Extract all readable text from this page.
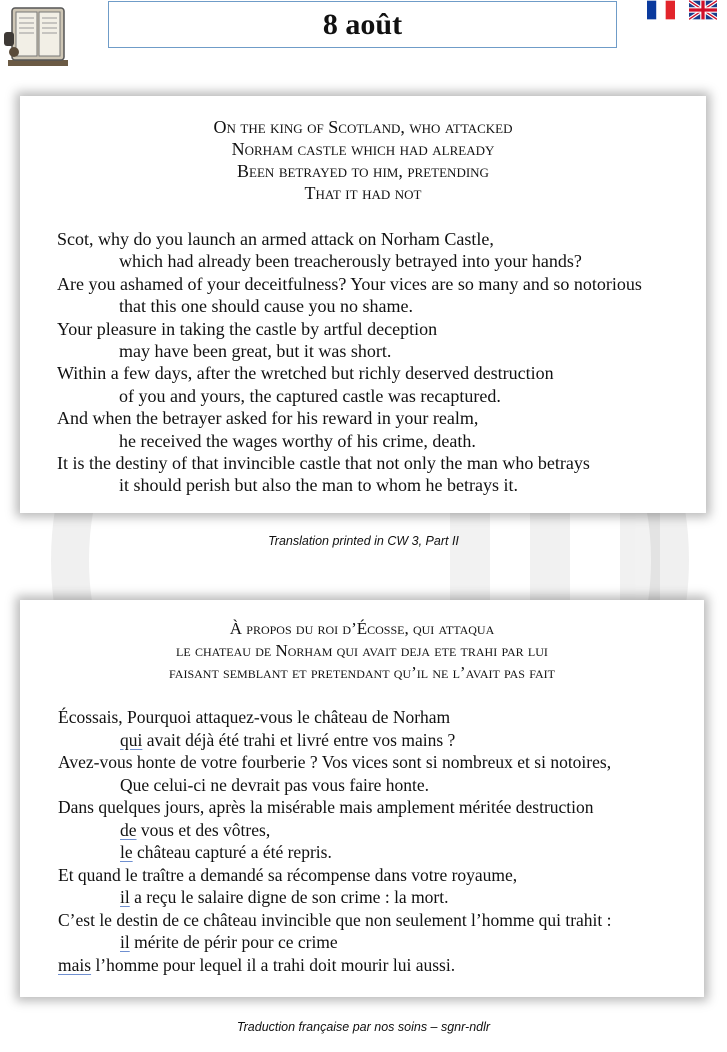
8 août
On the king of Scotland, who attacked
Norham castle which had already
Been betrayed to him, pretending
That it had not
Scot, why do you launch an armed attack on Norham Castle,
which had already been treacherously betrayed into your hands?
Are you ashamed of your deceitfulness? Your vices are so many and so notorious
that this one should cause you no shame.
Your pleasure in taking the castle by artful deception
may have been great, but it was short.
Within a few days, after the wretched but richly deserved destruction
of you and yours, the captured castle was recaptured.
And when the betrayer asked for his reward in your realm,
he received the wages worthy of his crime, death.
It is the destiny of that invincible castle that not only the man who betrays
it should perish but also the man to whom he betrays it.
Translation printed in CW 3, Part II
À propos du roi d’Écosse, qui attaqua
le chateau de Norham qui avait deja ete trahi par lui
faisant semblant et pretendant qu’il ne l’avait pas fait
Écossais, Pourquoi attaquez-vous le château de Norham
qui avait déjà été trahi et livré entre vos mains ?
Avez-vous honte de votre fourberie ? Vos vices sont si nombreux et si notoires,
Que celui-ci ne devrait pas vous faire honte.
Dans quelques jours, après la misérable mais amplement méritée destruction
de vous et des vôtres,
le château capturé a été repris.
Et quand le traître a demandé sa récompense dans votre royaume,
il a reçu le salaire digne de son crime : la mort.
C’est le destin de ce château invincible que non seulement l’homme qui trahit :
il mérite de périr pour ce crime
mais l’homme pour lequel il a trahi doit mourir lui aussi.
Traduction française par nos soins – sgnr-ndlr
